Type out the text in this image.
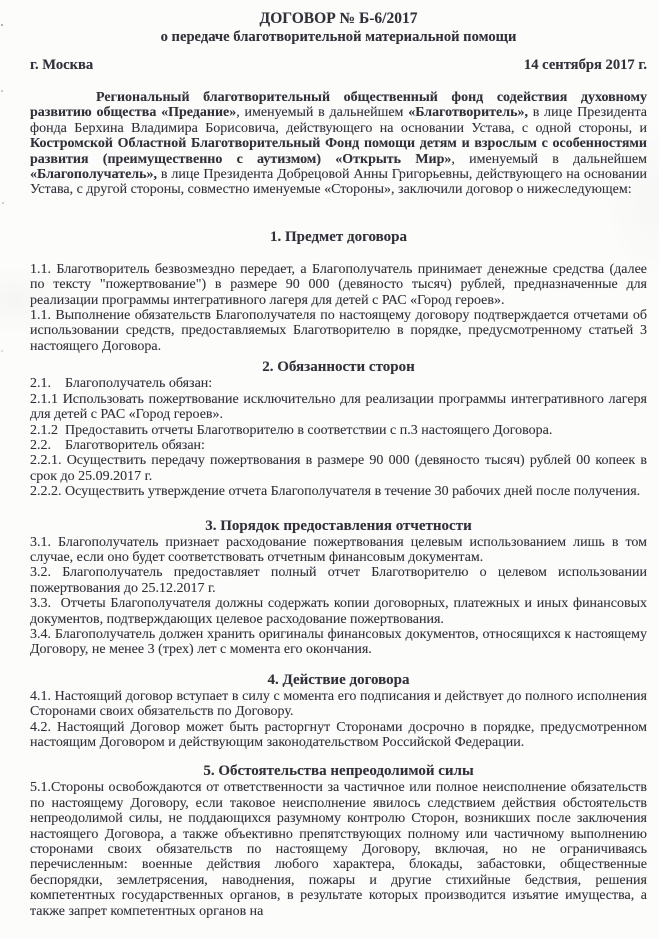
ДОГОВОР № Б-6/2017
о передаче благотворительной материальной помощи
г. Москва	14 сентября 2017 г.

Региональный благотворительный общественный фонд содействия духовному развитию общества «Предание», именуемый в дальнейшем «Благотворитель», в лице Президента фонда Берхина Владимира Борисовича, действующего на основании Устава, с одной стороны, и Костромской Областной Благотворительный Фонд помощи детям и взрослым с особенностями развития (преимущественно с аутизмом) «Открыть Мир», именуемый в дальнейшем «Благополучатель», в лице Президента Добрецовой Анны Григорьевны, действующего на основании Устава, с другой стороны, совместно именуемые «Стороны», заключили договор о нижеследующем:

1. Предмет договора

1.1. Благотворитель безвозмездно передает, а Благополучатель принимает денежные средства (далее по тексту "пожертвование") в размере 90 000 (девяносто тысяч) рублей, предназначенные для реализации программы интегративного лагеря для детей с РАС «Город героев».

1.1. Выполнение обязательств Благополучателя по настоящему договору подтверждается отчетами об использовании средств, предоставляемых Благотворителю в порядке, предусмотренному статьей 3 настоящего Договора.

2. Обязанности сторон

2.1.    Благополучатель обязан:

2.1.1 Использовать пожертвование исключительно для реализации программы интегративного лагеря для детей с РАС «Город героев».

2.1.2  Предоставить отчеты Благотворителю в соответствии с п.3 настоящего Договора.

2.2.    Благотворитель обязан:

2.2.1. Осуществить передачу пожертвования в размере 90 000 (девяносто тысяч) рублей 00 копеек в срок до 25.09.2017 г.

2.2.2. Осуществить утверждение отчета Благополучателя в течение 30 рабочих дней после получения.

3. Порядок предоставления отчетности

3.1. Благополучатель признает расходование пожертвования целевым использованием лишь в том случае, если оно будет соответствовать отчетным финансовым документам.

3.2. Благополучатель предоставляет полный отчет Благотворителю о целевом использовании пожертвования до 25.12.2017 г.

3.3.  Отчеты Благополучателя должны содержать копии договорных, платежных и иных финансовых документов, подтверждающих целевое расходование пожертвования.

3.4. Благополучатель должен хранить оригиналы финансовых документов, относящихся к настоящему Договору, не менее 3 (трех) лет с момента его окончания.

4. Действие договора

4.1. Настоящий договор вступает в силу с момента его подписания и действует до полного исполнения Сторонами своих обязательств по Договору.

4.2. Настоящий Договор может быть расторгнут Сторонами досрочно в порядке, предусмотренном настоящим Договором и действующим законодательством Российской Федерации.

5. Обстоятельства непреодолимой силы

5.1.Стороны освобождаются от ответственности за частичное или полное неисполнение обязательств по настоящему Договору, если таковое неисполнение явилось следствием действия обстоятельств непреодолимой силы, не поддающихся разумному контролю Сторон, возникших после заключения настоящего Договора, а также объективно препятствующих полному или частичному выполнению сторонами своих обязательств по настоящему Договору, включая, но не ограничиваясь перечисленным: военные действия любого характера, блокады, забастовки, общественные беспорядки, землетрясения, наводнения, пожары и другие стихийные бедствия, решения компетентных государственных органов, в результате которых производится изъятие имущества, а также запрет компетентных органов на
